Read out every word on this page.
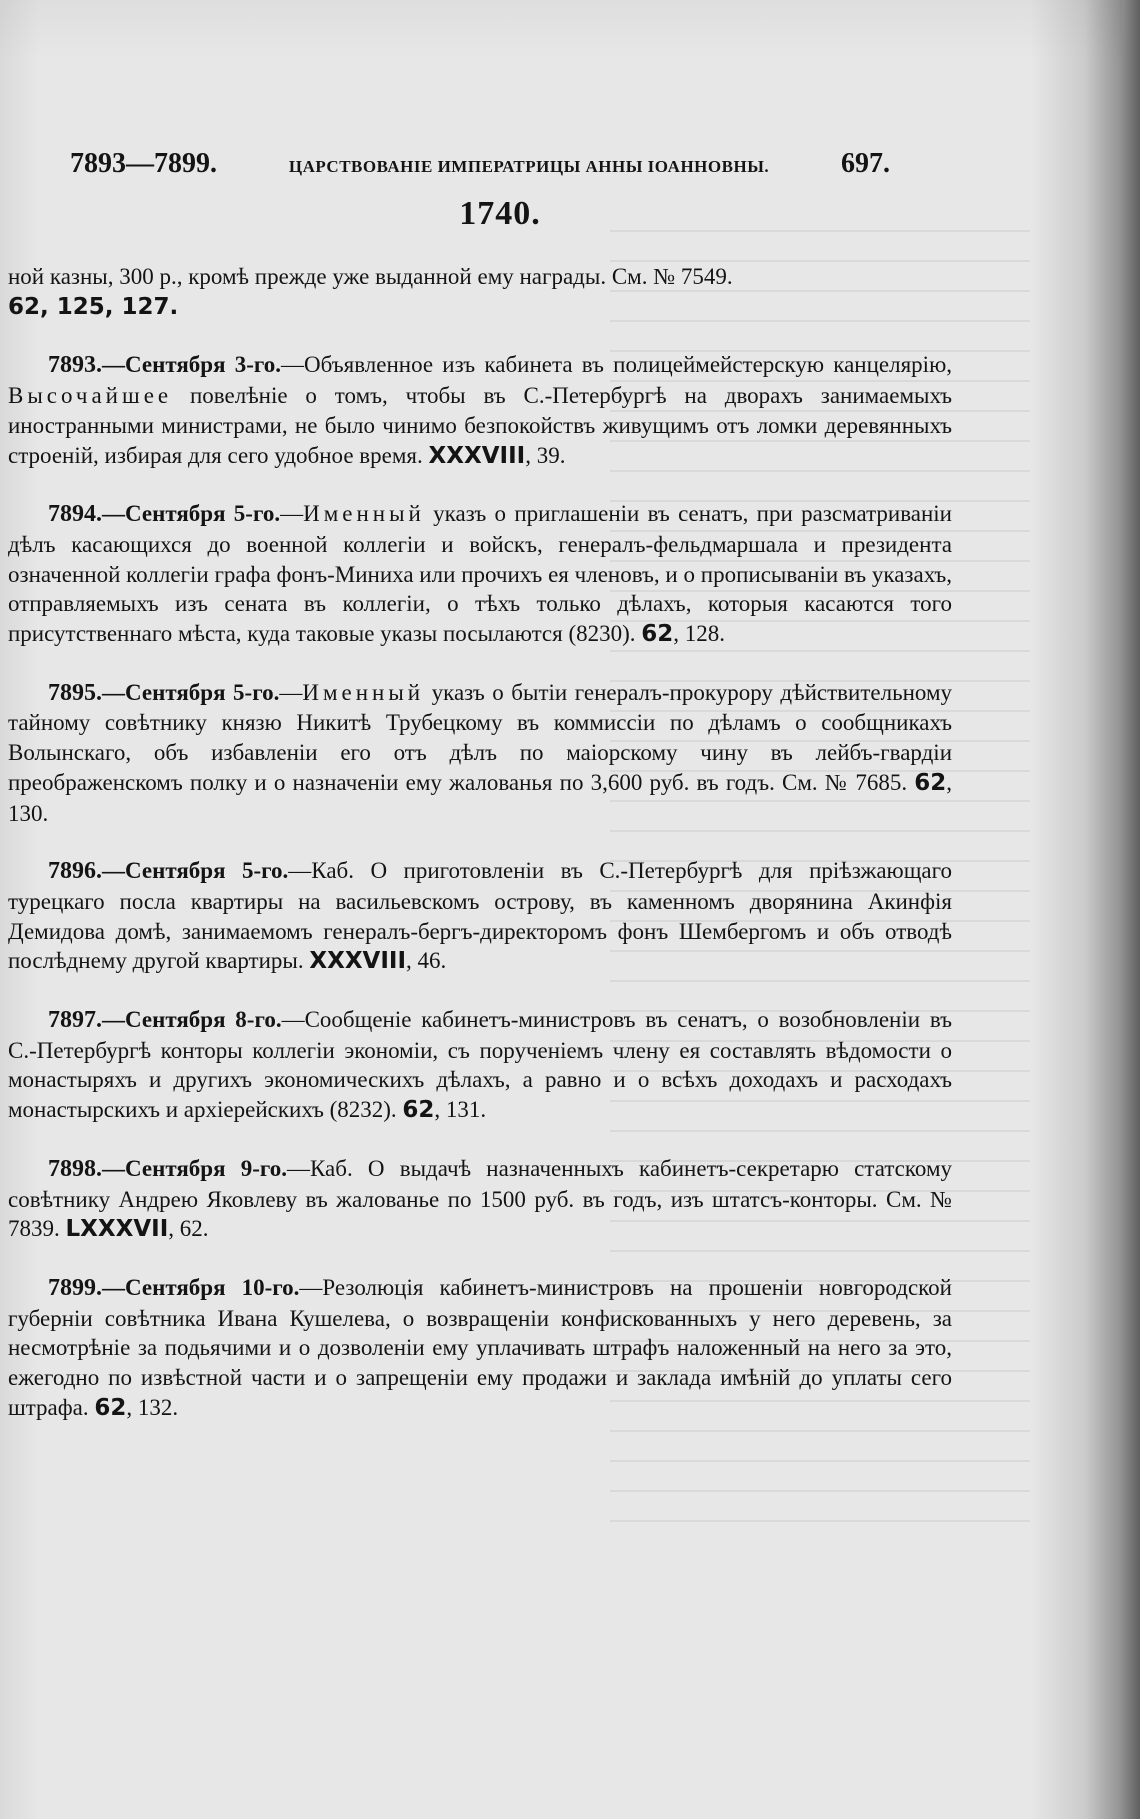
7893—7899.	ЦАРСТВОВАНІЕ ИМПЕРАТРИЦЫ АННЫ ІОАННОВНЫ.	697.
1740.

ной казны, 300 р., кромѣ прежде уже выданной ему награды. См. № 7549.
62, 125, 127.

7893.—Сентября 3-го.—Объявленное изъ кабинета въ полицеймейстерскую канцелярію, Высочайшее повелѣніе о томъ, чтобы въ С.-Петербургѣ на дворахъ занимаемыхъ иностранными министрами, не было чинимо безпокойствъ живущимъ отъ ломки деревянныхъ строеній, избирая для сего удобное время. XXXVIII, 39.

7894.—Сентября 5-го.—Именный указъ о приглашеніи въ сенатъ, при разсматриваніи дѣлъ касающихся до военной коллегіи и войскъ, генералъ-фельдмаршала и президента означенной коллегіи графа фонъ-Миниха или прочихъ ея членовъ, и о прописываніи въ указахъ, отправляемыхъ изъ сената въ коллегіи, о тѣхъ только дѣлахъ, которыя касаются того присутственнаго мѣста, куда таковые указы посылаются (8230). 62, 128.

7895.—Сентября 5-го.—Именный указъ о бытіи генералъ-прокурору дѣйствительному тайному совѣтнику князю Никитѣ Трубецкому въ коммиссіи по дѣламъ о сообщникахъ Волынскаго, объ избавленіи его отъ дѣлъ по маіорскому чину въ лейбъ-гвардіи преображенскомъ полку и о назначеніи ему жалованья по 3,600 руб. въ годъ. См. № 7685. 62, 130.

7896.—Сентября 5-го.—Каб. О приготовленіи въ С.-Петербургѣ для пріѣзжающаго турецкаго посла квартиры на васильевскомъ острову, въ каменномъ дворянина Акинфія Демидова домѣ, занимаемомъ генералъ-бергъ-директоромъ фонъ Шембергомъ и объ отводѣ послѣднему другой квартиры. XXXVIII, 46.

7897.—Сентября 8-го.—Сообщеніе кабинетъ-министровъ въ сенатъ, о возобновленіи въ С.-Петербургѣ конторы коллегіи экономіи, съ порученіемъ члену ея составлять вѣдомости о монастыряхъ и другихъ экономическихъ дѣлахъ, а равно и о всѣхъ доходахъ и расходахъ монастырскихъ и архіерейскихъ (8232). 62, 131.

7898.—Сентября 9-го.—Каб. О выдачѣ назначенныхъ кабинетъ-секретарю статскому совѣтнику Андрею Яковлеву въ жалованье по 1500 руб. въ годъ, изъ штатсъ-конторы. См. № 7839. LXXXVII, 62.

7899.—Сентября 10-го.—Резолюція кабинетъ-министровъ на прошеніи новгородской губерніи совѣтника Ивана Кушелева, о возвращеніи конфискованныхъ у него деревень, за несмотрѣніе за подьячими и о дозволеніи ему уплачивать штрафъ наложенный на него за это, ежегодно по извѣстной части и о запрещеніи ему продажи и заклада имѣній до уплаты сего штрафа. 62, 132.
